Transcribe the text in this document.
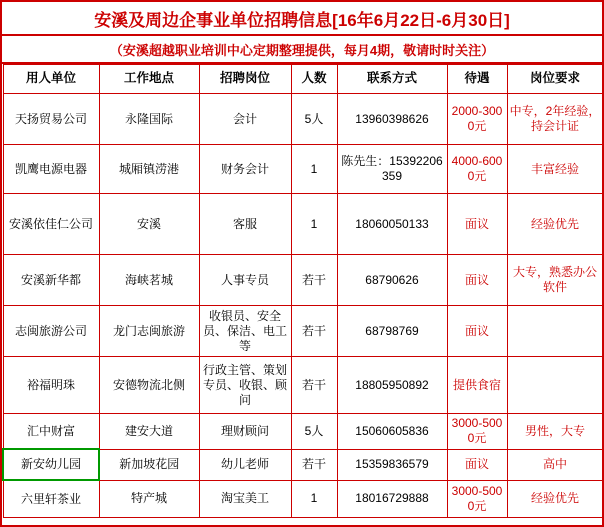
安溪及周边企事业单位招聘信息[16年6月22日-6月30日]
（安溪超越职业培训中心定期整理提供，每月4期，敬请时时关注）
用人单位	工作地点	招聘岗位	人数	联系方式	待遇	岗位要求
天扬贸易公司	永隆国际	会计	5人	13960398626	2000-3000元	中专，2年经验，持会计证
凯鹰电源电器	城厢镇涝港	财务会计	1	陈先生：15392206359	4000-6000元	丰富经验
安溪依佳仁公司	安溪	客服	1	18060050133	面议	经验优先
安溪新华都	海峡茗城	人事专员	若干	68790626	面议	大专，熟悉办公软件
志闽旅游公司	龙门志闽旅游	收银员、安全员、保洁、电工等	若干	68798769	面议	
裕福明珠	安德物流北侧	行政主管、策划专员、收银、顾问	若干	18805950892	提供食宿	
汇中财富	建安大道	理财顾问	5人	15060605836	3000-5000元	男性，大专
新安幼儿园	新加坡花园	幼儿老师	若干	15359836579	面议	高中
六里轩茶业	特产城	淘宝美工	1	18016729888	3000-5000元	经验优先
